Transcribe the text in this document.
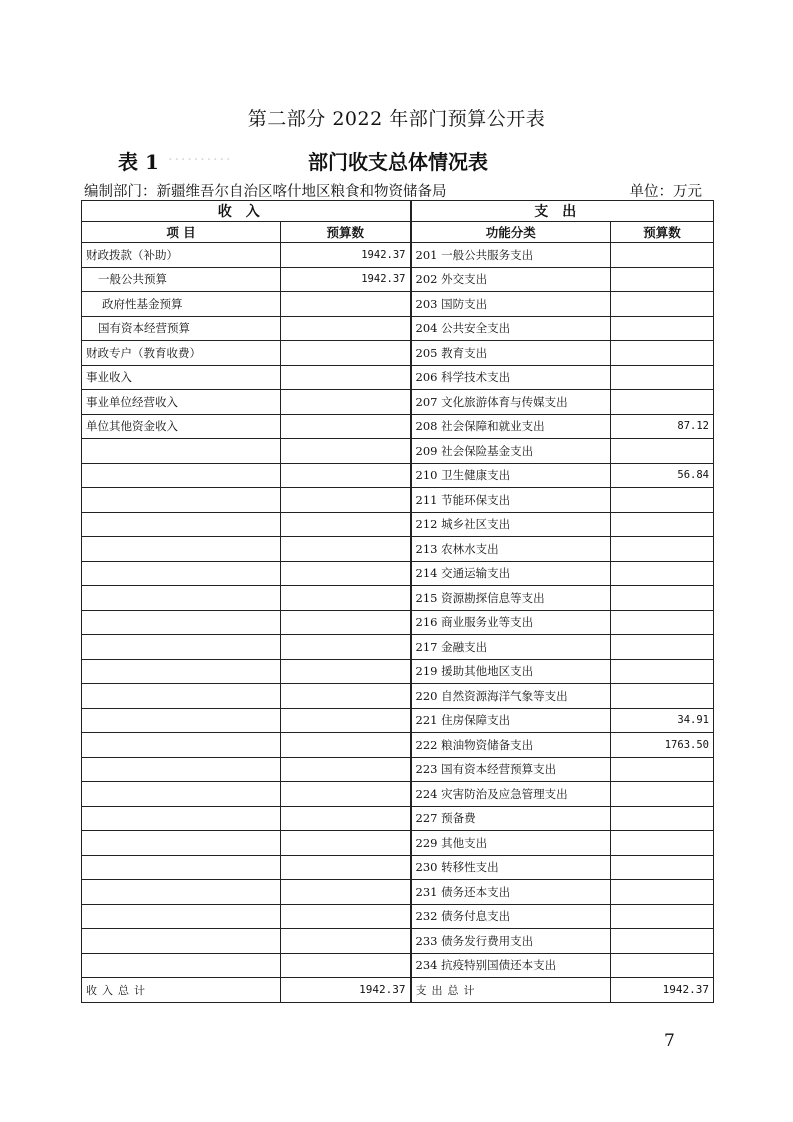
第二部分 2022 年部门预算公开表
表 1 ..........	部门收支总体情况表
编制部门：新疆维吾尔自治区喀什地区粮食和物资储备局	单位：万元
收入		支出	
项 目	预算数	功能分类	预算数
财政拨款（补助）	1942.37	201 一般公共服务支出	
一般公共预算	1942.37	202 外交支出	
政府性基金预算		203 国防支出	
国有资本经营预算		204 公共安全支出	
财政专户（教育收费）		205 教育支出	
事业收入		206 科学技术支出	
事业单位经营收入		207 文化旅游体育与传媒支出	
单位其他资金收入		208 社会保障和就业支出	87.12
		209 社会保险基金支出	
		210 卫生健康支出	56.84
		211 节能环保支出	
		212 城乡社区支出	
		213 农林水支出	
		214 交通运输支出	
		215 资源勘探信息等支出	
		216 商业服务业等支出	
		217 金融支出	
		219 援助其他地区支出	
		220 自然资源海洋气象等支出	
		221 住房保障支出	34.91
		222 粮油物资储备支出	1763.50
		223 国有资本经营预算支出	
		224 灾害防治及应急管理支出	
		227 预备费	
		229 其他支出	
		230 转移性支出	
		231 债务还本支出	
		232 债务付息支出	
		233 债务发行费用支出	
		234 抗疫特别国债还本支出	
收入总计	1942.37	支出总计	1942.37
7
